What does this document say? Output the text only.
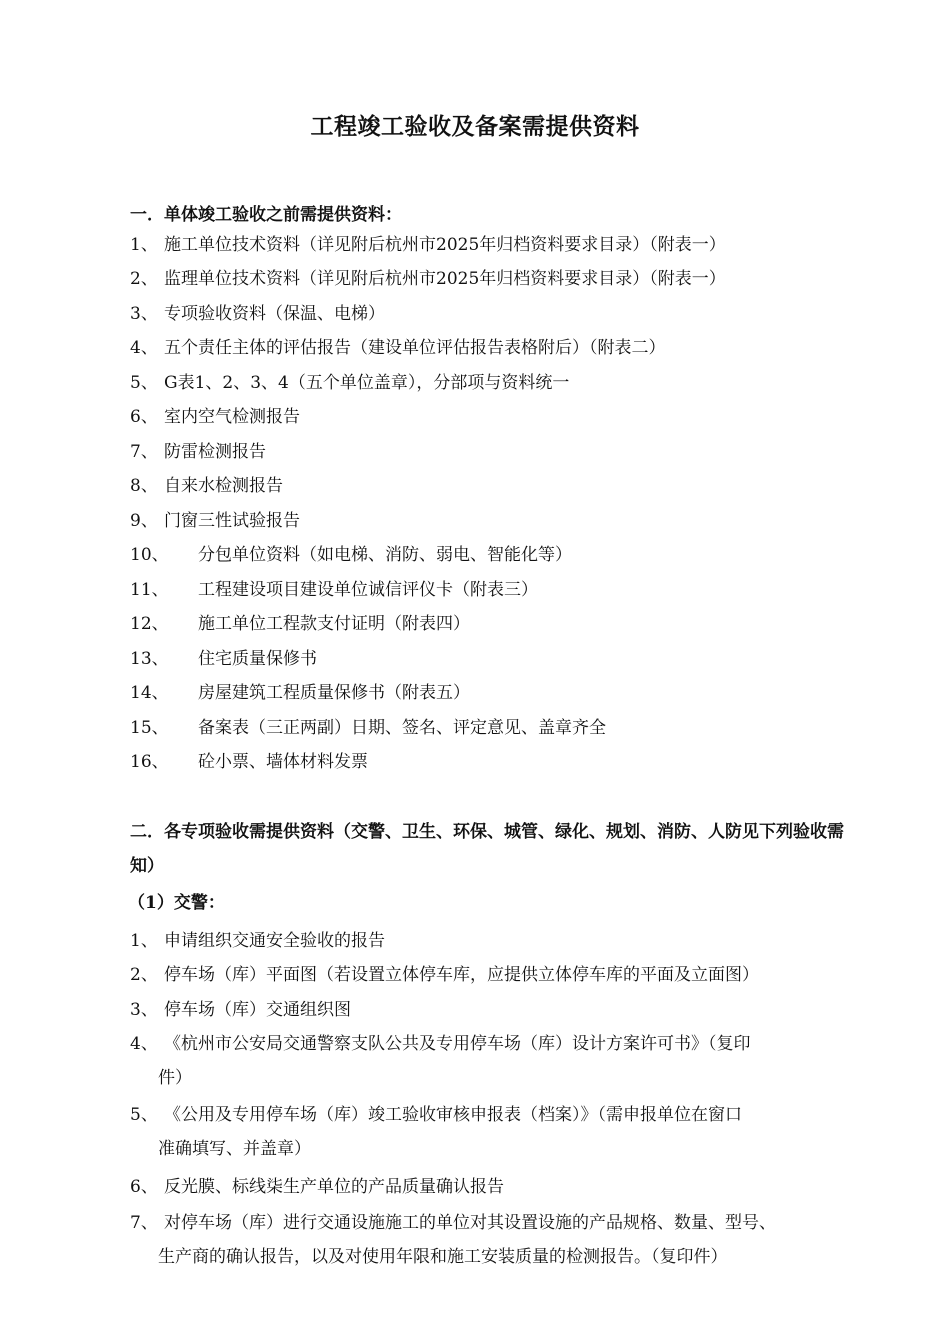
工程竣工验收及备案需提供资料
一．单体竣工验收之前需提供资料：
1、 施工单位技术资料（详见附后杭州市2025年归档资料要求目录）（附表一）
2、 监理单位技术资料（详见附后杭州市2025年归档资料要求目录）（附表一）
3、 专项验收资料（保温、电梯）
4、 五个责任主体的评估报告（建设单位评估报告表格附后）（附表二）
5、 G表1、2、3、4（五个单位盖章），分部项与资料统一
6、 室内空气检测报告
7、 防雷检测报告
8、 自来水检测报告
9、 门窗三性试验报告
10、 分包单位资料（如电梯、消防、弱电、智能化等）
11、 工程建设项目建设单位诚信评仪卡（附表三）
12、 施工单位工程款支付证明（附表四）
13、 住宅质量保修书
14、 房屋建筑工程质量保修书（附表五）
15、 备案表（三正两副）日期、签名、评定意见、盖章齐全
16、 砼小票、墙体材料发票
二．各专项验收需提供资料（交警、卫生、环保、城管、绿化、规划、消防、人防见下列验收需知）
（1）交警：
1、 申请组织交通安全验收的报告
2、 停车场（库）平面图（若设置立体停车库，应提供立体停车库的平面及立面图）
3、 停车场（库）交通组织图
4、 《杭州市公安局交通警察支队公共及专用停车场（库）设计方案许可书》（复印
件）
5、 《公用及专用停车场（库）竣工验收审核申报表（档案）》（需申报单位在窗口
准确填写、并盖章）
6、 反光膜、标线柒生产单位的产品质量确认报告
7、 对停车场（库）进行交通设施施工的单位对其设置设施的产品规格、数量、型号、
生产商的确认报告，以及对使用年限和施工安装质量的检测报告。（复印件）
